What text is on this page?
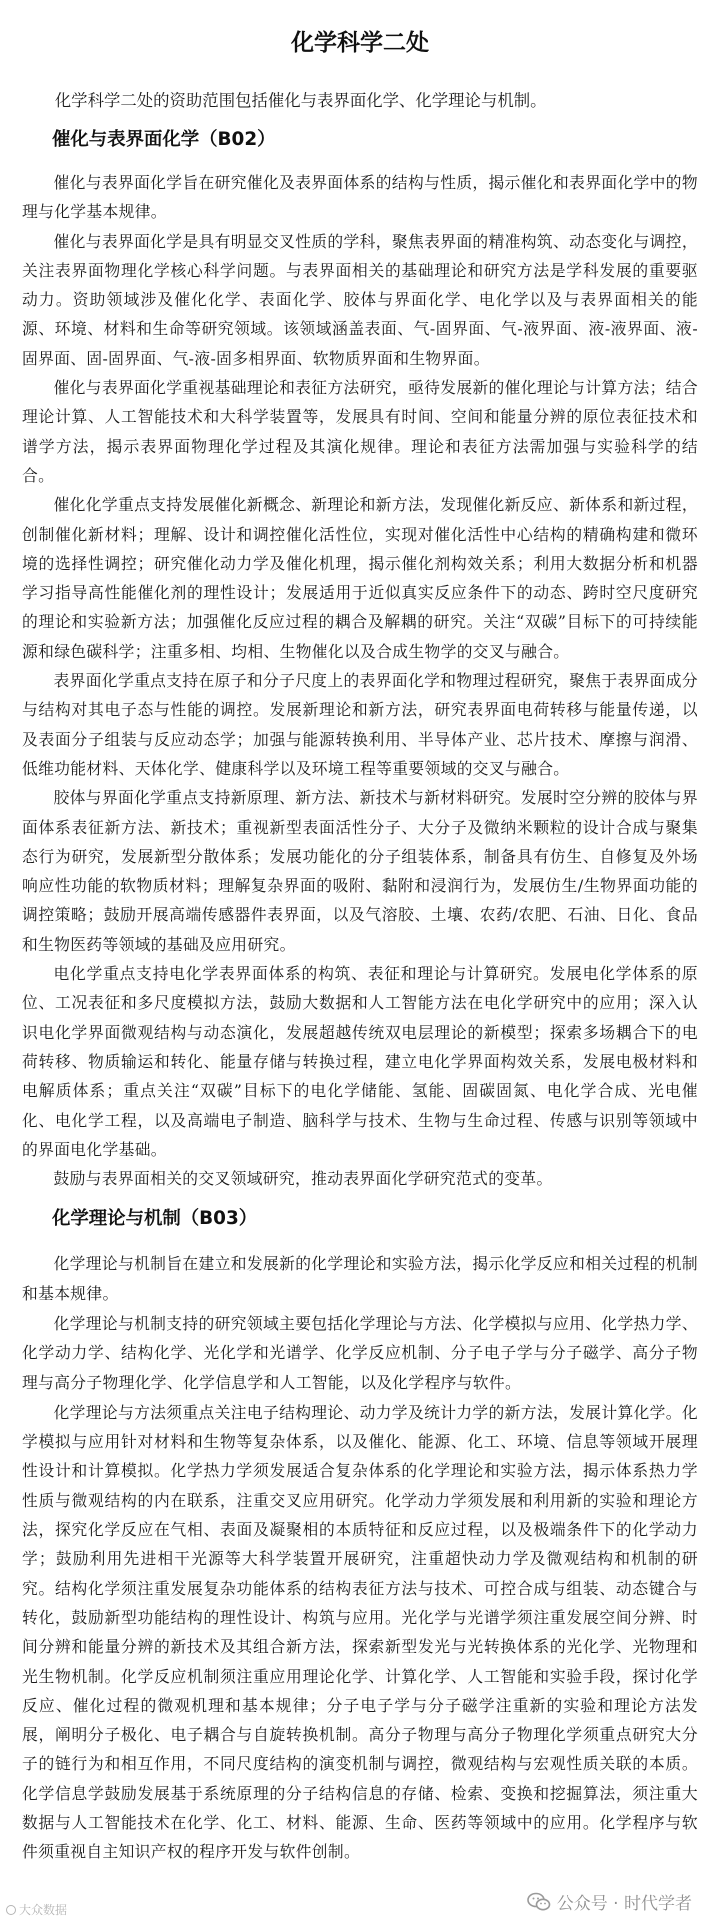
化学科学二处

化学科学二处的资助范围包括催化与表界面化学、化学理论与机制。

催化与表界面化学（B02）

催化与表界面化学旨在研究催化及表界面体系的结构与性质，揭示催化和表界面化学中的物理与化学基本规律。

催化与表界面化学是具有明显交叉性质的学科，聚焦表界面的精准构筑、动态变化与调控，关注表界面物理化学核心科学问题。与表界面相关的基础理论和研究方法是学科发展的重要驱动力。资助领域涉及催化化学、表面化学、胶体与界面化学、电化学以及与表界面相关的能源、环境、材料和生命等研究领域。该领域涵盖表面、气-固界面、气-液界面、液-液界面、液-固界面、固-固界面、气-液-固多相界面、软物质界面和生物界面。

催化与表界面化学重视基础理论和表征方法研究，亟待发展新的催化理论与计算方法；结合理论计算、人工智能技术和大科学装置等，发展具有时间、空间和能量分辨的原位表征技术和谱学方法，揭示表界面物理化学过程及其演化规律。理论和表征方法需加强与实验科学的结合。

催化化学重点支持发展催化新概念、新理论和新方法，发现催化新反应、新体系和新过程，创制催化新材料；理解、设计和调控催化活性位，实现对催化活性中心结构的精确构建和微环境的选择性调控；研究催化动力学及催化机理，揭示催化剂构效关系；利用大数据分析和机器学习指导高性能催化剂的理性设计；发展适用于近似真实反应条件下的动态、跨时空尺度研究的理论和实验新方法；加强催化反应过程的耦合及解耦的研究。关注“双碳”目标下的可持续能源和绿色碳科学；注重多相、均相、生物催化以及合成生物学的交叉与融合。

表界面化学重点支持在原子和分子尺度上的表界面化学和物理过程研究，聚焦于表界面成分与结构对其电子态与性能的调控。发展新理论和新方法，研究表界面电荷转移与能量传递，以及表面分子组装与反应动态学；加强与能源转换利用、半导体产业、芯片技术、摩擦与润滑、低维功能材料、天体化学、健康科学以及环境工程等重要领域的交叉与融合。

胶体与界面化学重点支持新原理、新方法、新技术与新材料研究。发展时空分辨的胶体与界面体系表征新方法、新技术；重视新型表面活性分子、大分子及微纳米颗粒的设计合成与聚集态行为研究，发展新型分散体系；发展功能化的分子组装体系，制备具有仿生、自修复及外场响应性功能的软物质材料；理解复杂界面的吸附、黏附和浸润行为，发展仿生/生物界面功能的调控策略；鼓励开展高端传感器件表界面，以及气溶胶、土壤、农药/农肥、石油、日化、食品和生物医药等领域的基础及应用研究。

电化学重点支持电化学表界面体系的构筑、表征和理论与计算研究。发展电化学体系的原位、工况表征和多尺度模拟方法，鼓励大数据和人工智能方法在电化学研究中的应用；深入认识电化学界面微观结构与动态演化，发展超越传统双电层理论的新模型；探索多场耦合下的电荷转移、物质输运和转化、能量存储与转换过程，建立电化学界面构效关系，发展电极材料和电解质体系；重点关注“双碳”目标下的电化学储能、氢能、固碳固氮、电化学合成、光电催化、电化学工程，以及高端电子制造、脑科学与技术、生物与生命过程、传感与识别等领域中的界面电化学基础。

鼓励与表界面相关的交叉领域研究，推动表界面化学研究范式的变革。

化学理论与机制（B03）

化学理论与机制旨在建立和发展新的化学理论和实验方法，揭示化学反应和相关过程的机制和基本规律。

化学理论与机制支持的研究领域主要包括化学理论与方法、化学模拟与应用、化学热力学、化学动力学、结构化学、光化学和光谱学、化学反应机制、分子电子学与分子磁学、高分子物理与高分子物理化学、化学信息学和人工智能，以及化学程序与软件。

化学理论与方法须重点关注电子结构理论、动力学及统计力学的新方法，发展计算化学。化学模拟与应用针对材料和生物等复杂体系，以及催化、能源、化工、环境、信息等领域开展理性设计和计算模拟。化学热力学须发展适合复杂体系的化学理论和实验方法，揭示体系热力学性质与微观结构的内在联系，注重交叉应用研究。化学动力学须发展和利用新的实验和理论方法，探究化学反应在气相、表面及凝聚相的本质特征和反应过程，以及极端条件下的化学动力学；鼓励利用先进相干光源等大科学装置开展研究，注重超快动力学及微观结构和机制的研究。结构化学须注重发展复杂功能体系的结构表征方法与技术、可控合成与组装、动态键合与转化，鼓励新型功能结构的理性设计、构筑与应用。光化学与光谱学须注重发展空间分辨、时间分辨和能量分辨的新技术及其组合新方法，探索新型发光与光转换体系的光化学、光物理和光生物机制。化学反应机制须注重应用理论化学、计算化学、人工智能和实验手段，探讨化学反应、催化过程的微观机理和基本规律；分子电子学与分子磁学注重新的实验和理论方法发展，阐明分子极化、电子耦合与自旋转换机制。高分子物理与高分子物理化学须重点研究大分子的链行为和相互作用，不同尺度结构的演变机制与调控，微观结构与宏观性质关联的本质。化学信息学鼓励发展基于系统原理的分子结构信息的存储、检索、变换和挖掘算法，须注重大数据与人工智能技术在化学、化工、材料、能源、生命、医药等领域中的应用。化学程序与软件须重视自主知识产权的程序开发与软件创制。

大众数据	公众号 · 时代学者
